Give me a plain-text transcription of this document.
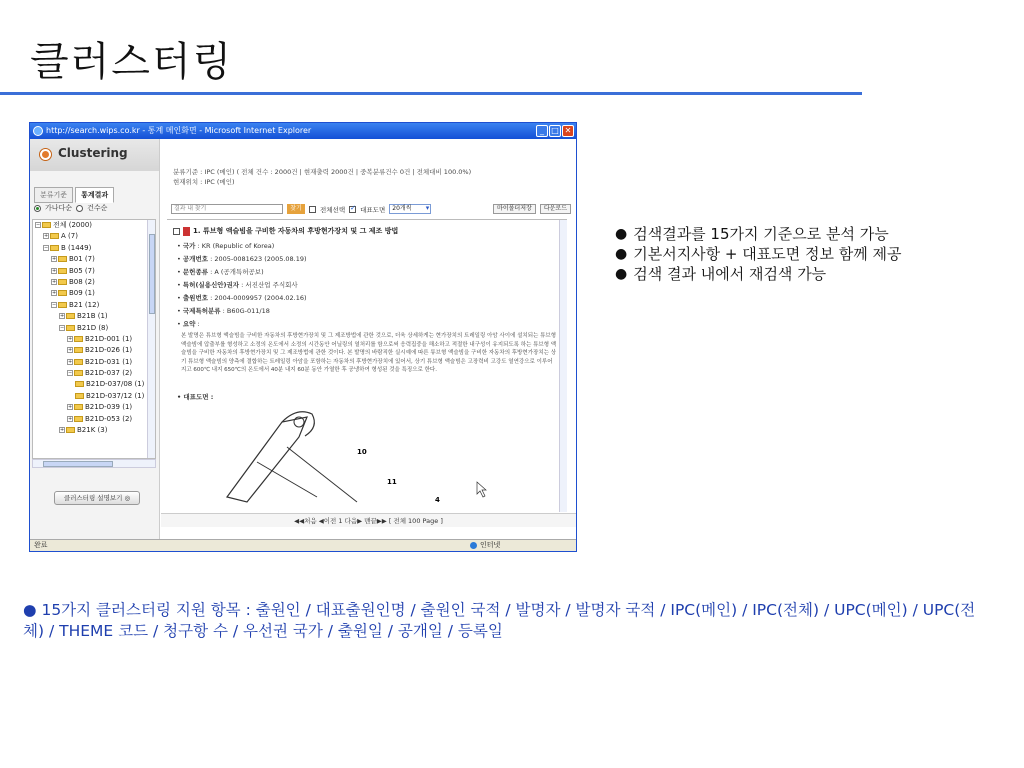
클러스터링
http://search.wips.co.kr - 통계 메인화면 - Microsoft Internet Explorer	_ □ ✕
Clustering
분류기준	통계결과
가나다순 건수순
− 전체 (2000)
+ A (7)
− B (1449)
+ B01 (7)
+ B05 (7)
+ B08 (2)
+ B09 (1)
− B21 (12)
+ B21B (1)
− B21D (8)
+ B21D-001 (1)
+ B21D-026 (1)
+ B21D-031 (1)
− B21D-037 (2)
B21D-037/08 (1)
B21D-037/12 (1)
+ B21D-039 (1)
+ B21D-053 (2)
+ B21K (3)
클러스터링 설명보기 ◎
분류기준 : IPC (메인) ( 전체 건수 : 2000건 | 현재출력 2000건 | 중복분류건수 0건 | 전체대비 100.0%)
현재위치 : IPC (메인)
결과 내 찾기
찾기	전체선택
✓ 대표도면	20개씩 ▾	마이폴더저장	다운로드
1. 튜브형 액슬빔을 구비한 자동차의 후방현가장치 및 그 제조 방법
• 국가 : KR (Republic of Korea)
• 공개번호 : 2005-0081623 (2005.08.19)
• 문헌종류 : A (공개특허공보)
• 특허(실용신안)권자 : 서진산업 주식회사
• 출원번호 : 2004-0009957 (2004.02.16)
• 국제특허분류 : B60G-011/18
• 요약 :
본 발명은 튜브형 액슬빔을 구비한 자동차의 후방현가장치 및 그 제조방법에 관한 것으로, 더욱 상세하게는 현가장치의 트레일링 아암 사이에 설치되는 튜브형 액슬빔에 압출부를 형성하고 소정의 온도에서 소정의 시간동안 어닐링의 열처리를 함으로써 응력집중을 해소하고 적절한 내구성이 유지되도록 하는 튜브형 액슬빔을 구비한 자동차의 후방현가장치 및 그 제조방법에 관한 것이다. 본 발명의 바람직한 실시예에 따른 튜브형 액슬빔을 구비한 자동차의 후방현가장치는 상기 튜브형 액슬빔의 양측에 결합하는 트레일링 아암을 포함하는 자동차의 후방현가장치에 있어서, 상기 튜브형 액슬빔은 고장력비 고강도 열연강으로 이루어지고 600℃ 내지 650℃의 온도에서 40분 내지 60분 동안 가열한 후 공냉하여 형성된 것을 특징으로 한다.
• 대표도면 :
10
11
4
◀◀처음 ◀이전 1 다음▶ 맨끝▶▶ [ 전체 100 Page ]
완료	인터넷
● 검색결과를 15가지 기준으로 분석 가능
● 기본서지사항 + 대표도면 정보 함께 제공
● 검색 결과 내에서 재검색 가능
● 15가지 클러스터링 지원 항목 : 출원인 / 대표출원인명 / 출원인 국적 / 발명자 / 발명자 국적 / IPC(메인) / IPC(전체) / UPC(메인) / UPC(전체) / THEME 코드 / 청구항 수 / 우선권 국가 / 출원일 / 공개일 / 등록일
